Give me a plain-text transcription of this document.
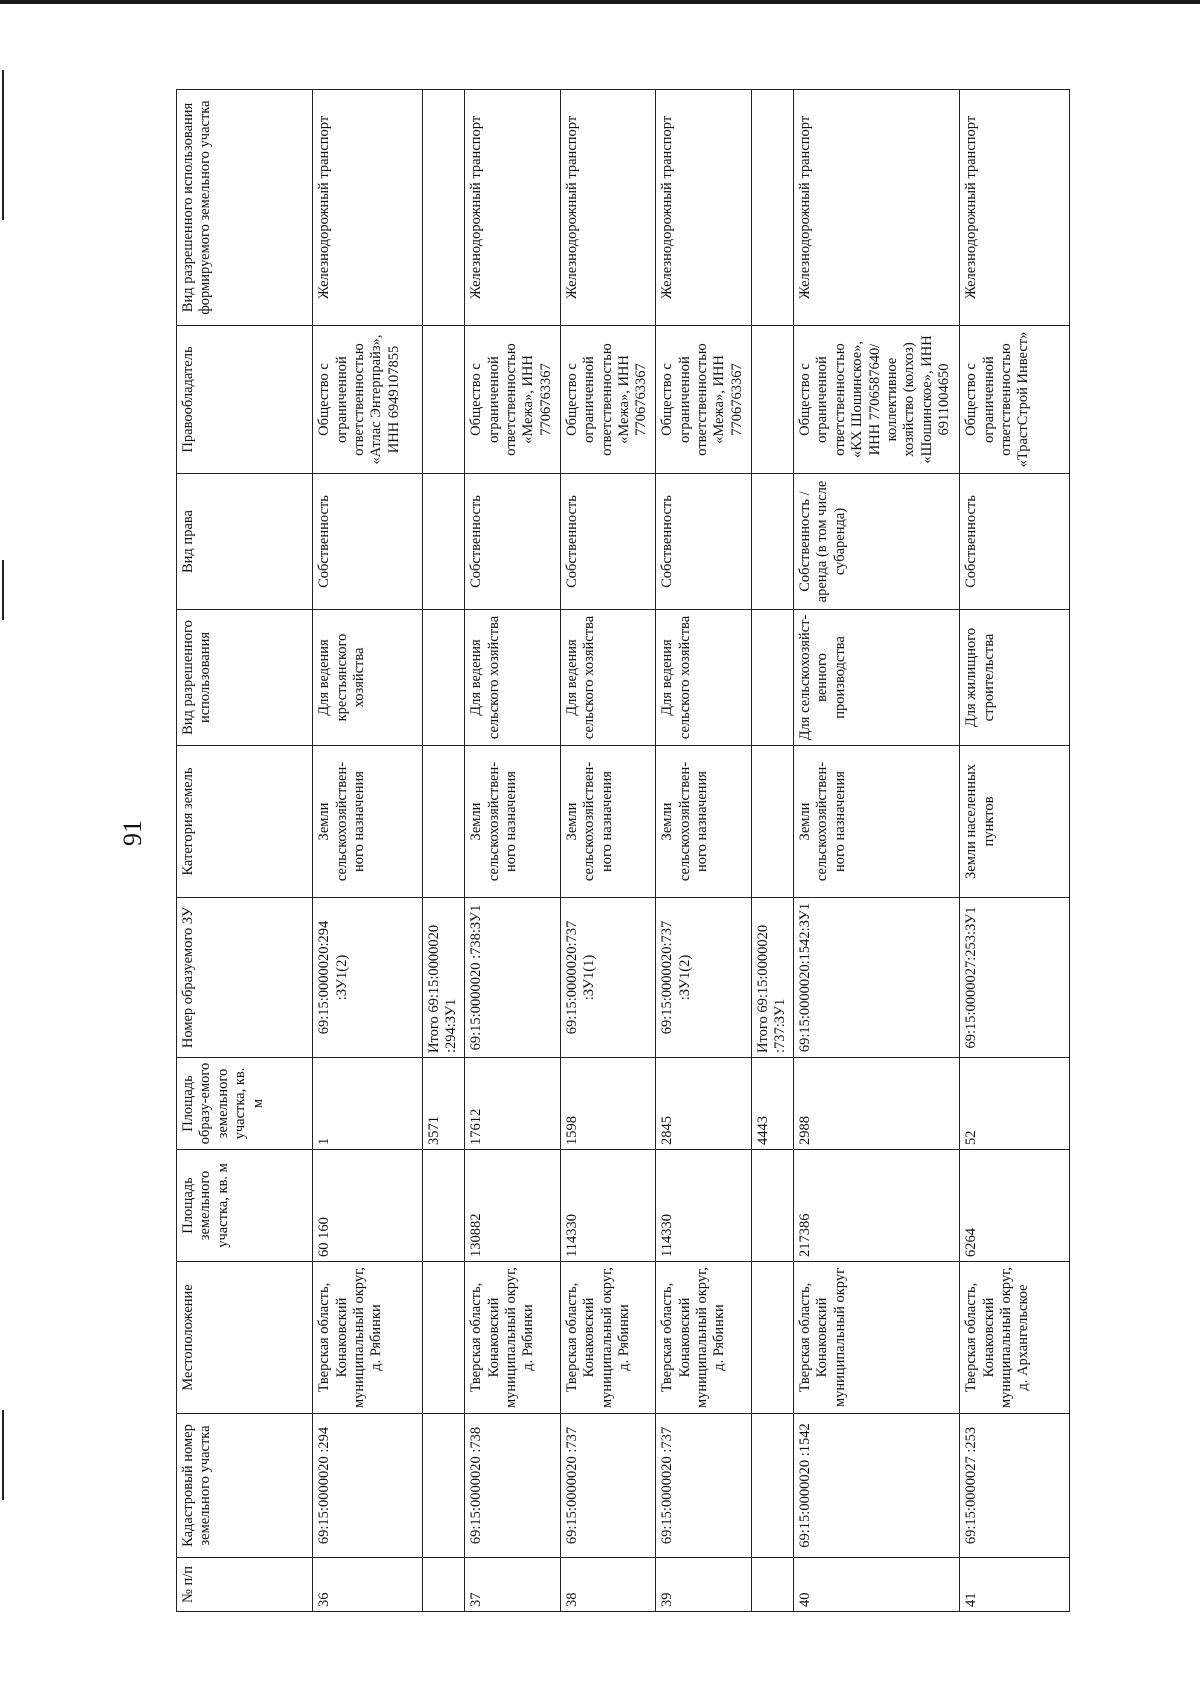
91
№ п/п	Кадастровый номер земельного участка	Местоположение	Площадь земельного участка, кв. м	Площадь образу-емого земельного участка, кв. м	Номер образуемого ЗУ	Категория земель	Вид разрешенного использования	Вид права	Правообладатель	Вид разрешенного использования формируемого земельного участка
36	69:15:0000020 :294	Тверская область, Конаковский муниципальный округ, д. Рябинки	60 160	1	69:15:0000020:294 :ЗУ1(2)	Земли сельскохозяйствен-ного назначения	Для ведения крестьянского хозяйства	Собственность	Общество с ограниченной ответственностью «Атлас Энтерпрайз», ИНН 6949107855	Железнодорожный транспорт
				3571	Итого 69:15:0000020 :294:ЗУ1					
37	69:15:0000020 :738	Тверская область, Конаковский муниципальный округ, д. Рябинки	130882	17612	69:15:0000020 :738:ЗУ1	Земли сельскохозяйствен-ного назначения	Для ведения сельского хозяйства	Собственность	Общество с ограниченной ответственностью «Межа», ИНН 7706763367	Железнодорожный транспорт
38	69:15:0000020 :737	Тверская область, Конаковский муниципальный округ, д. Рябинки	114330	1598	69:15:0000020:737 :ЗУ1(1)	Земли сельскохозяйствен-ного назначения	Для ведения сельского хозяйства	Собственность	Общество с ограниченной ответственностью «Межа», ИНН 7706763367	Железнодорожный транспорт
39	69:15:0000020 :737	Тверская область, Конаковский муниципальный округ, д. Рябинки	114330	2845	69:15:0000020:737 :ЗУ1(2)	Земли сельскохозяйствен-ного назначения	Для ведения сельского хозяйства	Собственность	Общество с ограниченной ответственностью «Межа», ИНН 7706763367	Железнодорожный транспорт
				4443	Итого 69:15:0000020 :737:ЗУ1					
40	69:15:0000020 :1542	Тверская область, Конаковский муниципальный округ	217386	2988	69:15:0000020:1542:ЗУ1	Земли сельскохозяйствен-ного назначения	Для сельскохозяйст-венного производства	Собственность / аренда (в том числе субаренда)	Общество с ограниченной ответственностью «КХ Шошинское», ИНН 7706587640/ коллективное хозяйство (колхоз) «Шошинское», ИНН 6911004650	Железнодорожный транспорт
41	69:15:0000027 :253	Тверская область, Конаковский муниципальный округ, д. Архангельское	6264	52	69:15:0000027:253:ЗУ1	Земли населенных пунктов	Для жилищного строительства	Собственность	Общество с ограниченной ответственностью «ТрастСтрой Инвест»	Железнодорожный транспорт
